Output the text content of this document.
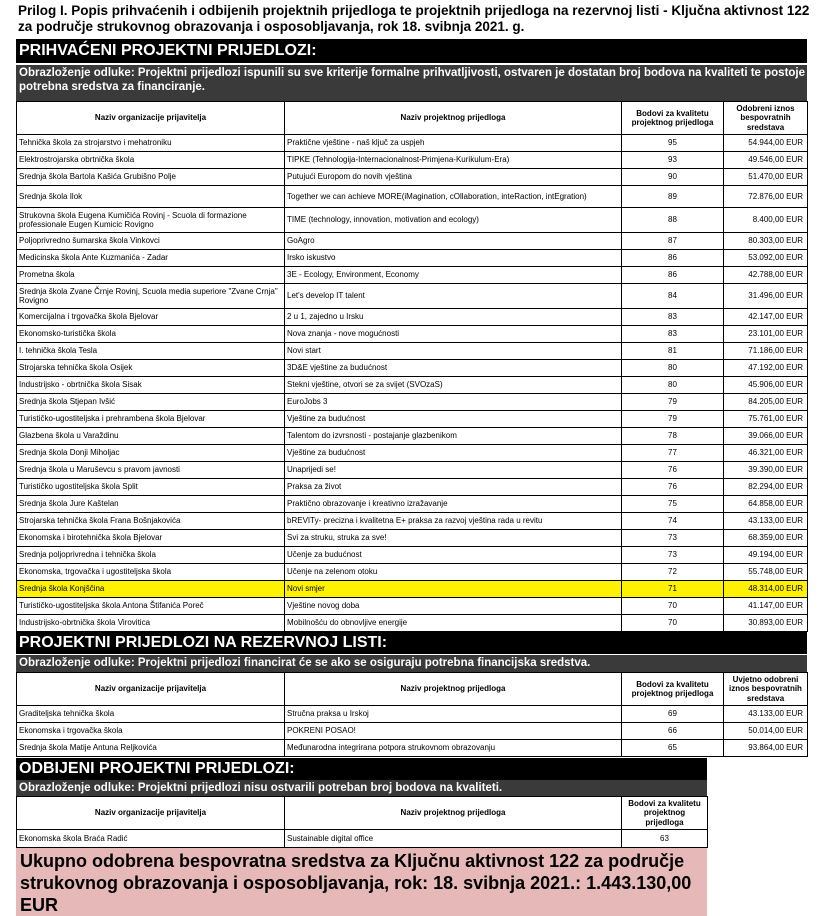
Prilog I. Popis prihvaćenih i odbijenih projektnih prijedloga te projektnih prijedloga na rezervnoj listi - Ključna aktivnost 122 za područje strukovnog obrazovanja i osposobljavanja, rok 18. svibnja 2021. g.
PRIHVAĆENI PROJEKTNI PRIJEDLOZI:
Obrazloženje odluke: Projektni prijedlozi ispunili su sve kriterije formalne prihvatljivosti, ostvaren je dostatan broj bodova na kvaliteti te postoje potrebna sredstva za financiranje.
Naziv organizacije prijavitelja	Naziv projektnog prijedloga	Bodovi za kvalitetu projektnog prijedloga	Odobreni iznos bespovratnih sredstava
Tehnička škola za strojarstvo i mehatroniku	Praktične vještine - naš ključ za uspjeh	95	54.944,00 EUR
Elektrostrojarska obrtnička škola	TIPKE (Tehnologija-Internacionalnost-Primjena-Kurikulum-Era)	93	49.546,00 EUR
Srednja škola Bartola Kašića Grubišno Polje	Putujući Europom do novih vještina	90	51.470,00 EUR
Srednja škola Ilok	Together we can achieve MORE(iMagination, cOllaboration, inteRaction, intEgration)	89	72.876,00 EUR
Strukovna škola Eugena Kumičića Rovinj - Scuola di formazione professionale Eugen Kumicic Rovigno	TIME (technology, innovation, motivation and ecology)	88	8.400,00 EUR
Poljoprivredno šumarska škola Vinkovci	GoAgro	87	80.303,00 EUR
Medicinska škola Ante Kuzmanića - Zadar	Irsko iskustvo	86	53.092,00 EUR
Prometna škola	3E - Ecology, Environment, Economy	86	42.788,00 EUR
Srednja škola Zvane Črnje Rovinj, Scuola media superiore "Zvane Crnja" Rovigno	Let's develop IT talent	84	31.496,00 EUR
Komercijalna i trgovačka škola Bjelovar	2 u 1, zajedno u Irsku	83	42.147,00 EUR
Ekonomsko-turistička škola	Nova znanja - nove mogućnosti	83	23.101,00 EUR
I. tehnička škola Tesla	Novi start	81	71.186,00 EUR
Strojarska tehnička škola Osijek	3D&E vještine za budućnost	80	47.192,00 EUR
Industrijsko - obrtnička škola Sisak	Stekni vještine, otvori se za svijet (SVOzaS)	80	45.906,00 EUR
Srednja škola Stjepan Ivšić	EuroJobs 3	79	84.205,00 EUR
Turističko-ugostiteljska i prehrambena škola Bjelovar	Vještine za budućnost	79	75.761,00 EUR
Glazbena škola u Varaždinu	Talentom do izvrsnosti - postajanje glazbenikom	78	39.066,00 EUR
Srednja škola Donji Miholjac	Vještine za budućnost	77	46.321,00 EUR
Srednja škola u Maruševcu s pravom javnosti	Unaprijedi se!	76	39.390,00 EUR
Turističko ugostiteljska škola Split	Praksa za život	76	82.294,00 EUR
Srednja škola Jure Kaštelan	Praktično obrazovanje i kreativno izražavanje	75	64.858,00 EUR
Strojarska tehnička škola Frana Bošnjakovića	bREVITy- precizna i kvalitetna E+ praksa za razvoj vještina rada u revitu	74	43.133,00 EUR
Ekonomska i birotehnička škola Bjelovar	Svi za struku, struka za sve!	73	68.359,00 EUR
Srednja poljoprivredna i tehnička škola	Učenje za budućnost	73	49.194,00 EUR
Ekonomska, trgovačka i ugostiteljska škola	Učenje na zelenom otoku	72	55.748,00 EUR
Srednja škola Konjščina	Novi smjer	71	48.314,00 EUR
Turističko-ugostiteljska škola Antona Štifanića Poreč	Vještine novog doba	70	41.147,00 EUR
Industrijsko-obrtnička škola Virovitica	Mobilnošću do obnovljive energije	70	30.893,00 EUR
PROJEKTNI PRIJEDLOZI NA REZERVNOJ LISTI:
Obrazloženje odluke: Projektni prijedlozi financirat će se ako se osiguraju potrebna financijska sredstva.
Naziv organizacije prijavitelja	Naziv projektnog prijedloga	Bodovi za kvalitetu projektnog prijedloga	Uvjetno odobreni iznos bespovratnih sredstava
Graditeljska tehnička škola	Stručna praksa u Irskoj	69	43.133,00 EUR
Ekonomska i trgovačka škola	POKRENI POSAO!	66	50.014,00 EUR
Srednja škola Matije Antuna Reljkovića	Međunarodna integrirana potpora strukovnom obrazovanju	65	93.864,00 EUR
ODBIJENI PROJEKTNI PRIJEDLOZI:
Obrazloženje odluke: Projektni prijedlozi nisu ostvarili potreban broj bodova na kvaliteti.
Naziv organizacije prijavitelja	Naziv projektnog prijedloga	Bodovi za kvalitetu projektnog prijedloga
Ekonomska škola Braća Radić	Sustainable digital office	63
Ukupno odobrena bespovratna sredstva za Ključnu aktivnost 122 za područje strukovnog obrazovanja i osposobljavanja, rok: 18. svibnja 2021.: 1.443.130,00 EUR
